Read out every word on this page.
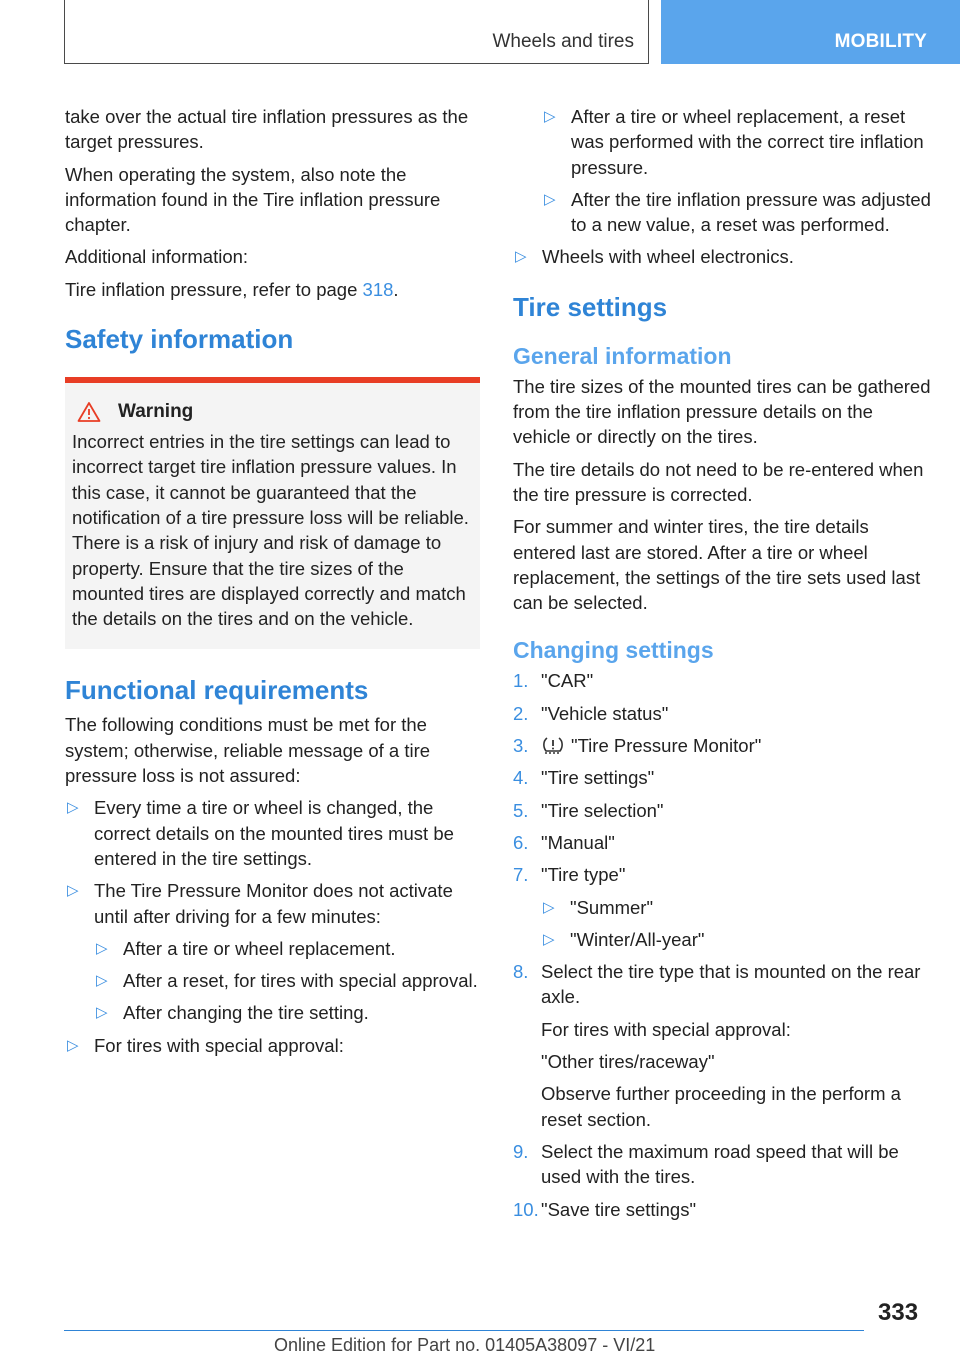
Wheels and tires	MOBILITY

take over the actual tire inflation pressures as the target pressures.

When operating the system, also note the information found in the Tire inflation pressure chapter.

Additional information:

Tire inflation pressure, refer to page 318.

Safety information
Warning

Incorrect entries in the tire settings can lead to incorrect target tire inflation pressure values. In this case, it cannot be guaranteed that the notification of a tire pressure loss will be reliable. There is a risk of injury and risk of damage to property. Ensure that the tire sizes of the mounted tires are displayed correctly and match the details on the tires and on the vehicle.

Functional requirements

The following conditions must be met for the system; otherwise, reliable message of a tire pressure loss is not assured:

▷ Every time a tire or wheel is changed, the correct details on the mounted tires must be entered in the tire settings.
▷ The Tire Pressure Monitor does not activate until after driving for a few minutes:
▷ After a tire or wheel replacement.
▷ After a reset, for tires with special approval.
▷ After changing the tire setting.
▷ For tires with special approval:
▷ After a tire or wheel replacement, a reset was performed with the correct tire inflation pressure.
▷ After the tire inflation pressure was adjusted to a new value, a reset was performed.
▷ Wheels with wheel electronics.
Tire settings
General information

The tire sizes of the mounted tires can be gathered from the tire inflation pressure details on the vehicle or directly on the tires.

The tire details do not need to be re-entered when the tire pressure is corrected.

For summer and winter tires, the tire details entered last are stored. After a tire or wheel replacement, the settings of the tire sets used last can be selected.

Changing settings
1. "CAR"
2. "Vehicle status"
3. "Tire Pressure Monitor"
4. "Tire settings"
5. "Tire selection"
6. "Manual"
7. "Tire type"
▷ "Summer"
▷ "Winter/All-year"
8. Select the tire type that is mounted on the rear axle.
For tires with special approval:
"Other tires/raceway"
Observe further proceeding in the perform a reset section.
9. Select the maximum road speed that will be used with the tires.
10. "Save tire settings"
333
Online Edition for Part no. 01405A38097 - VI/21
